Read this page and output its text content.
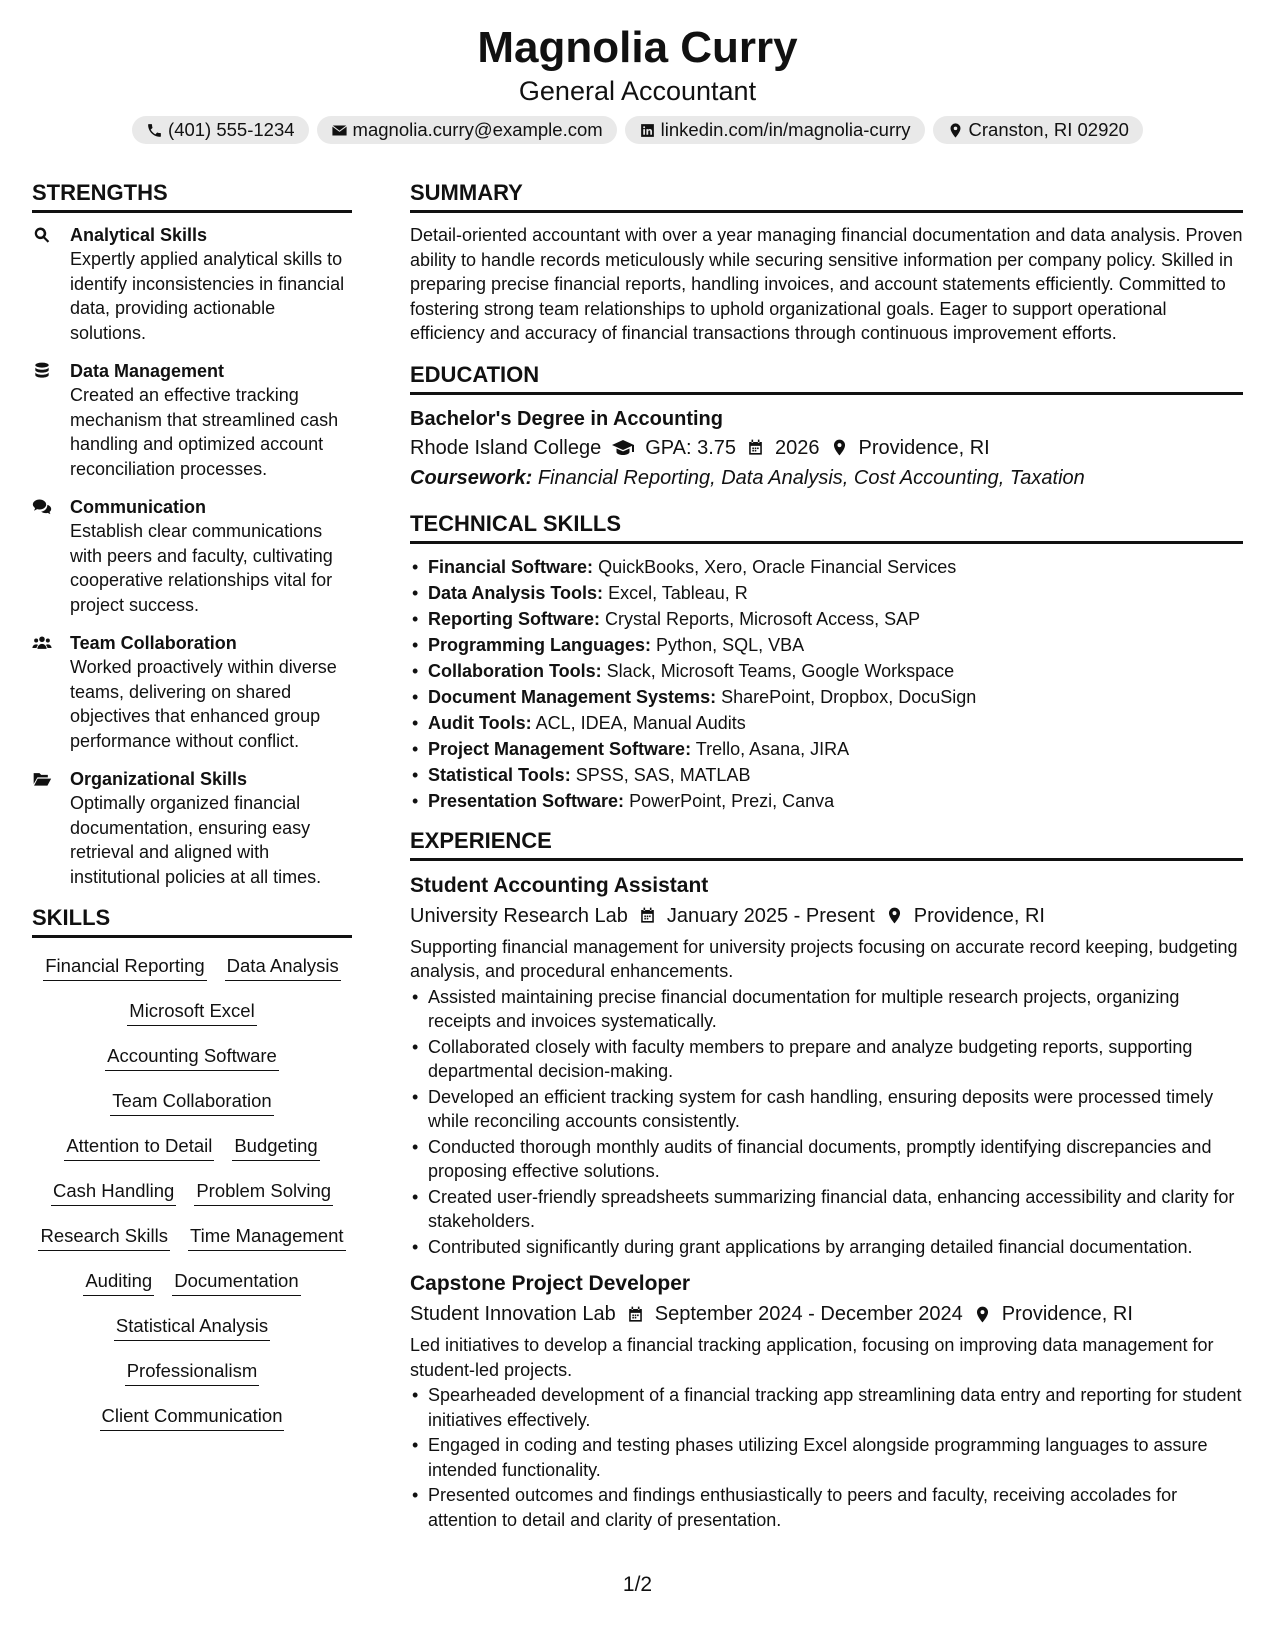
Magnolia Curry
General Accountant
(401) 555-1234	magnolia.curry@example.com	linkedin.com/in/magnolia-curry	Cranston, RI 02920
STRENGTHS
Analytical Skills
Expertly applied analytical skills to identify inconsistencies in financial data, providing actionable solutions.
Data Management
Created an effective tracking mechanism that streamlined cash handling and optimized account reconciliation processes.
Communication
Establish clear communications with peers and faculty, cultivating cooperative relationships vital for project success.
Team Collaboration
Worked proactively within diverse teams, delivering on shared objectives that enhanced group performance without conflict.
Organizational Skills
Optimally organized financial documentation, ensuring easy retrieval and aligned with institutional policies at all times.
SKILLS
Financial Reporting Data Analysis
Microsoft Excel
Accounting Software
Team Collaboration
Attention to Detail Budgeting
Cash Handling Problem Solving
Research Skills Time Management
Auditing Documentation
Statistical Analysis
Professionalism
Client Communication
SUMMARY
Detail-oriented accountant with over a year managing financial documentation and data analysis. Proven ability to handle records meticulously while securing sensitive information per company policy. Skilled in preparing precise financial reports, handling invoices, and account statements efficiently. Committed to fostering strong team relationships to uphold organizational goals. Eager to support operational efficiency and accuracy of financial transactions through continuous improvement efforts.
EDUCATION
Bachelor's Degree in Accounting
Rhode Island College GPA: 3.75 2026 Providence, RI
Coursework: Financial Reporting, Data Analysis, Cost Accounting, Taxation
TECHNICAL SKILLS
• Financial Software: QuickBooks, Xero, Oracle Financial Services
• Data Analysis Tools: Excel, Tableau, R
• Reporting Software: Crystal Reports, Microsoft Access, SAP
• Programming Languages: Python, SQL, VBA
• Collaboration Tools: Slack, Microsoft Teams, Google Workspace
• Document Management Systems: SharePoint, Dropbox, DocuSign
• Audit Tools: ACL, IDEA, Manual Audits
• Project Management Software: Trello, Asana, JIRA
• Statistical Tools: SPSS, SAS, MATLAB
• Presentation Software: PowerPoint, Prezi, Canva
EXPERIENCE
Student Accounting Assistant
University Research Lab January 2025 - Present Providence, RI
Supporting financial management for university projects focusing on accurate record keeping, budgeting analysis, and procedural enhancements.
• Assisted maintaining precise financial documentation for multiple research projects, organizing receipts and invoices systematically.
• Collaborated closely with faculty members to prepare and analyze budgeting reports, supporting departmental decision-making.
• Developed an efficient tracking system for cash handling, ensuring deposits were processed timely while reconciling accounts consistently.
• Conducted thorough monthly audits of financial documents, promptly identifying discrepancies and proposing effective solutions.
• Created user-friendly spreadsheets summarizing financial data, enhancing accessibility and clarity for stakeholders.
• Contributed significantly during grant applications by arranging detailed financial documentation.
Capstone Project Developer
Student Innovation Lab September 2024 - December 2024 Providence, RI
Led initiatives to develop a financial tracking application, focusing on improving data management for student-led projects.
• Spearheaded development of a financial tracking app streamlining data entry and reporting for student initiatives effectively.
• Engaged in coding and testing phases utilizing Excel alongside programming languages to assure intended functionality.
• Presented outcomes and findings enthusiastically to peers and faculty, receiving accolades for attention to detail and clarity of presentation.
1/2
